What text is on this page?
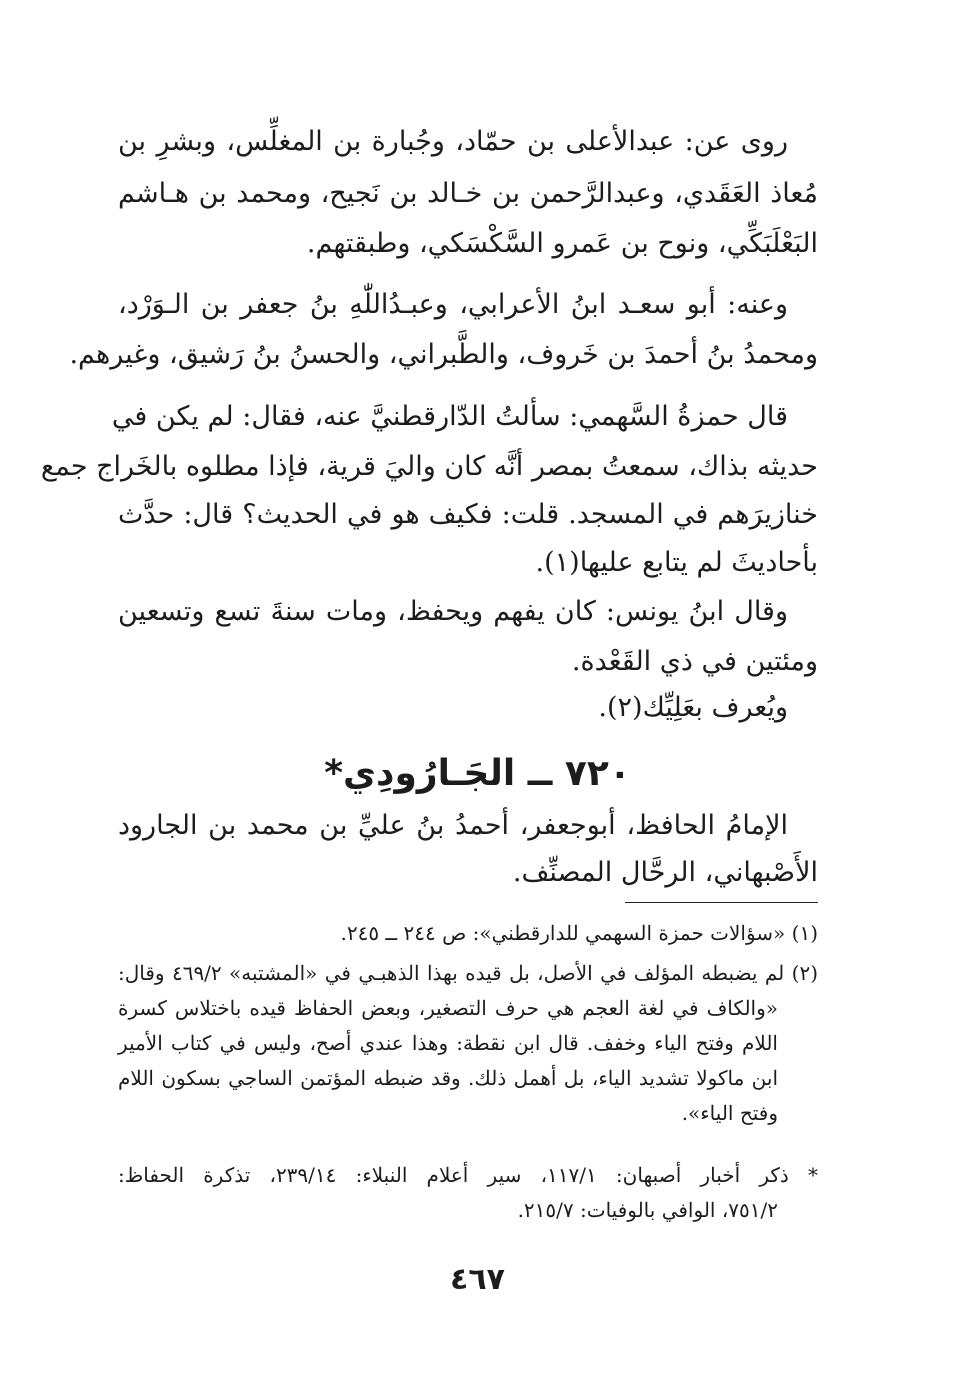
روى عن: عبدالأعلى بن حمّاد، وجُبارة بن المغلِّس، وبشرِ بن
مُعاذ العَقَدي، وعبدالرَّحمن بن خـالد بن نَجيح، ومحمد بن هـاشم
البَعْلَبَكِّي، ونوح بن عَمرو السَّكْسَكي، وطبقتهم.
وعنه: أبو سعـد ابنُ الأعرابي، وعبـدُاللّٰهِ بنُ جعفر بن الـوَرْد،
ومحمدُ بنُ أحمدَ بن خَروف، والطَّبراني، والحسنُ بنُ رَشيق، وغيرهم.
قال حمزةُ السَّهمي: سألتُ الدّارقطنيَّ عنه، فقال: لم يكن في
حديثه بذاك، سمعتُ بمصر أنَّه كان واليَ قرية، فإذا مطلوه بالخَراج جمع
خنازيرَهم في المسجد. قلت: فكيف هو في الحديث؟ قال: حدَّث
بأحاديثَ لم يتابع عليها(١).
وقال ابنُ يونس: كان يفهم ويحفظ، ومات سنةَ تسع وتسعين
ومئتين في ذي القَعْدة.
ويُعرف بعَلِيِّك(٢).
٧٢٠ ــ الجَـارُودِي*
الإمامُ الحافظ، أبوجعفر، أحمدُ بنُ عليِّ بن محمد بن الجارود
الأَصْبهاني، الرحَّال المصنِّف.
(١) «سؤالات حمزة السهمي للدارقطني»: ص ٢٤٤ ــ ٢٤٥.
(٢) لم يضبطه المؤلف في الأصل، بل قيده بهذا الذهبـي في «المشتبه» ٤٦٩/٢ وقال:
«والكاف في لغة العجم هي حرف التصغير، وبعض الحفاظ قيده باختلاس كسرة
اللام وفتح الياء وخفف. قال ابن نقطة: وهذا عندي أصح، وليس في كتاب الأمير
ابن ماكولا تشديد الياء، بل أهمل ذلك. وقد ضبطه المؤتمن الساجي بسكون اللام
وفتح الياء».
* ذكر أخبار أصبهان: ١١٧/١، سير أعلام النبلاء: ٢٣٩/١٤، تذكرة الحفاظ:
٧٥١/٢، الوافي بالوفيات: ٢١٥/٧.
٤٦٧
